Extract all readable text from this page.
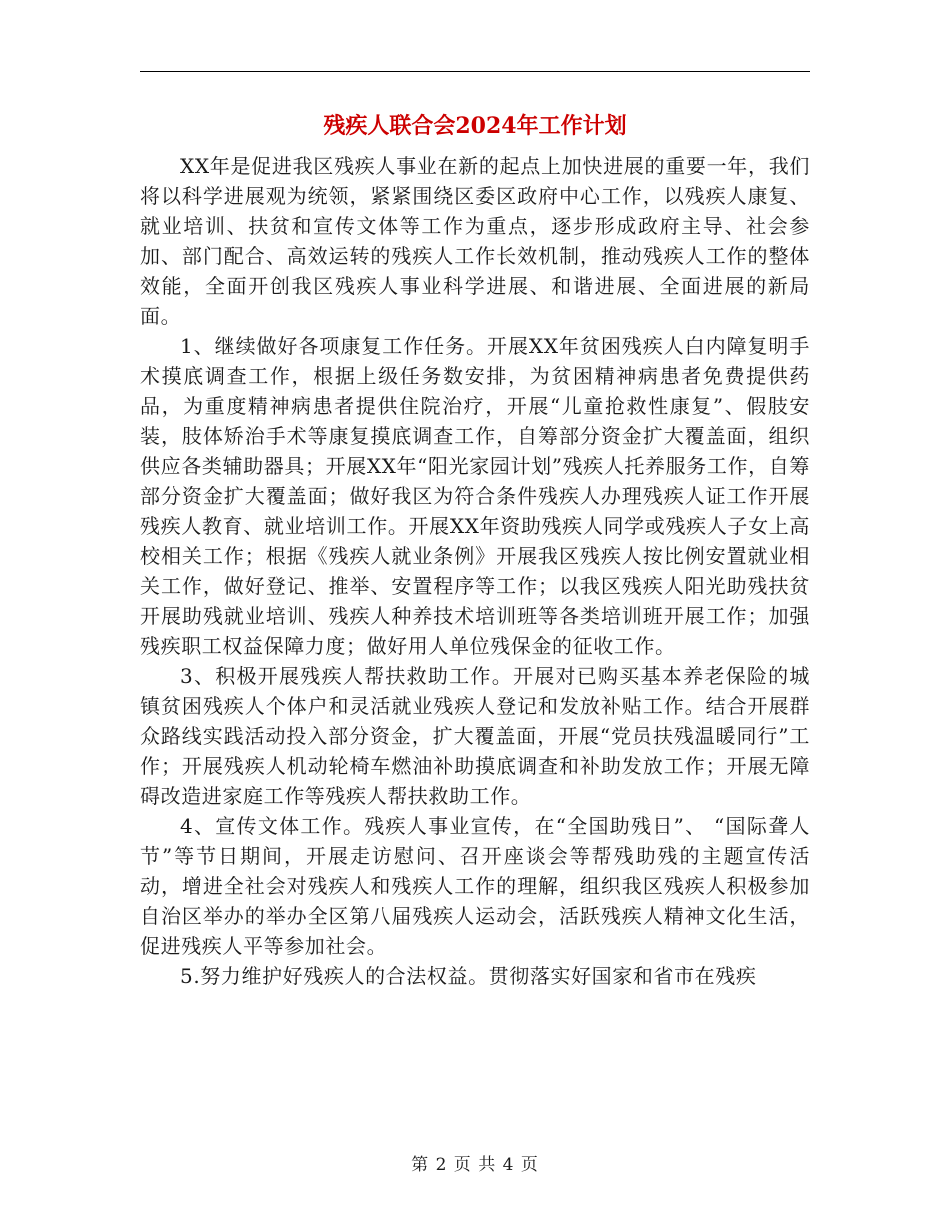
残疾人联合会2024年工作计划

XX年是促进我区残疾人事业在新的起点上加快进展的重要一年，我们将以科学进展观为统领，紧紧围绕区委区政府中心工作，以残疾人康复、就业培训、扶贫和宣传文体等工作为重点，逐步形成政府主导、社会参加、部门配合、高效运转的残疾人工作长效机制，推动残疾人工作的整体效能，全面开创我区残疾人事业科学进展、和谐进展、全面进展的新局面。

1、继续做好各项康复工作任务。开展XX年贫困残疾人白内障复明手术摸底调查工作，根据上级任务数安排，为贫困精神病患者免费提供药品，为重度精神病患者提供住院治疗，开展“儿童抢救性康复”、假肢安装，肢体矫治手术等康复摸底调查工作，自筹部分资金扩大覆盖面，组织供应各类辅助器具；开展XX年“阳光家园计划”残疾人托养服务工作，自筹部分资金扩大覆盖面；做好我区为符合条件残疾人办理残疾人证工作开展残疾人教育、就业培训工作。开展XX年资助残疾人同学或残疾人子女上高校相关工作；根据《残疾人就业条例》开展我区残疾人按比例安置就业相关工作，做好登记、推举、安置程序等工作；以我区残疾人阳光助残扶贫开展助残就业培训、残疾人种养技术培训班等各类培训班开展工作；加强残疾职工权益保障力度；做好用人单位残保金的征收工作。

3、积极开展残疾人帮扶救助工作。开展对已购买基本养老保险的城镇贫困残疾人个体户和灵活就业残疾人登记和发放补贴工作。结合开展群众路线实践活动投入部分资金，扩大覆盖面，开展“党员扶残温暖同行”工作；开展残疾人机动轮椅车燃油补助摸底调查和补助发放工作；开展无障碍改造进家庭工作等残疾人帮扶救助工作。

4、宣传文体工作。残疾人事业宣传，在“全国助残日”、 “国际聋人节”等节日期间，开展走访慰问、召开座谈会等帮残助残的主题宣传活动，增进全社会对残疾人和残疾人工作的理解，组织我区残疾人积极参加自治区举办的举办全区第八届残疾人运动会，活跃残疾人精神文化生活，促进残疾人平等参加社会。

5.努力维护好残疾人的合法权益。贯彻落实好国家和省市在残疾

第 2 页 共 4 页
